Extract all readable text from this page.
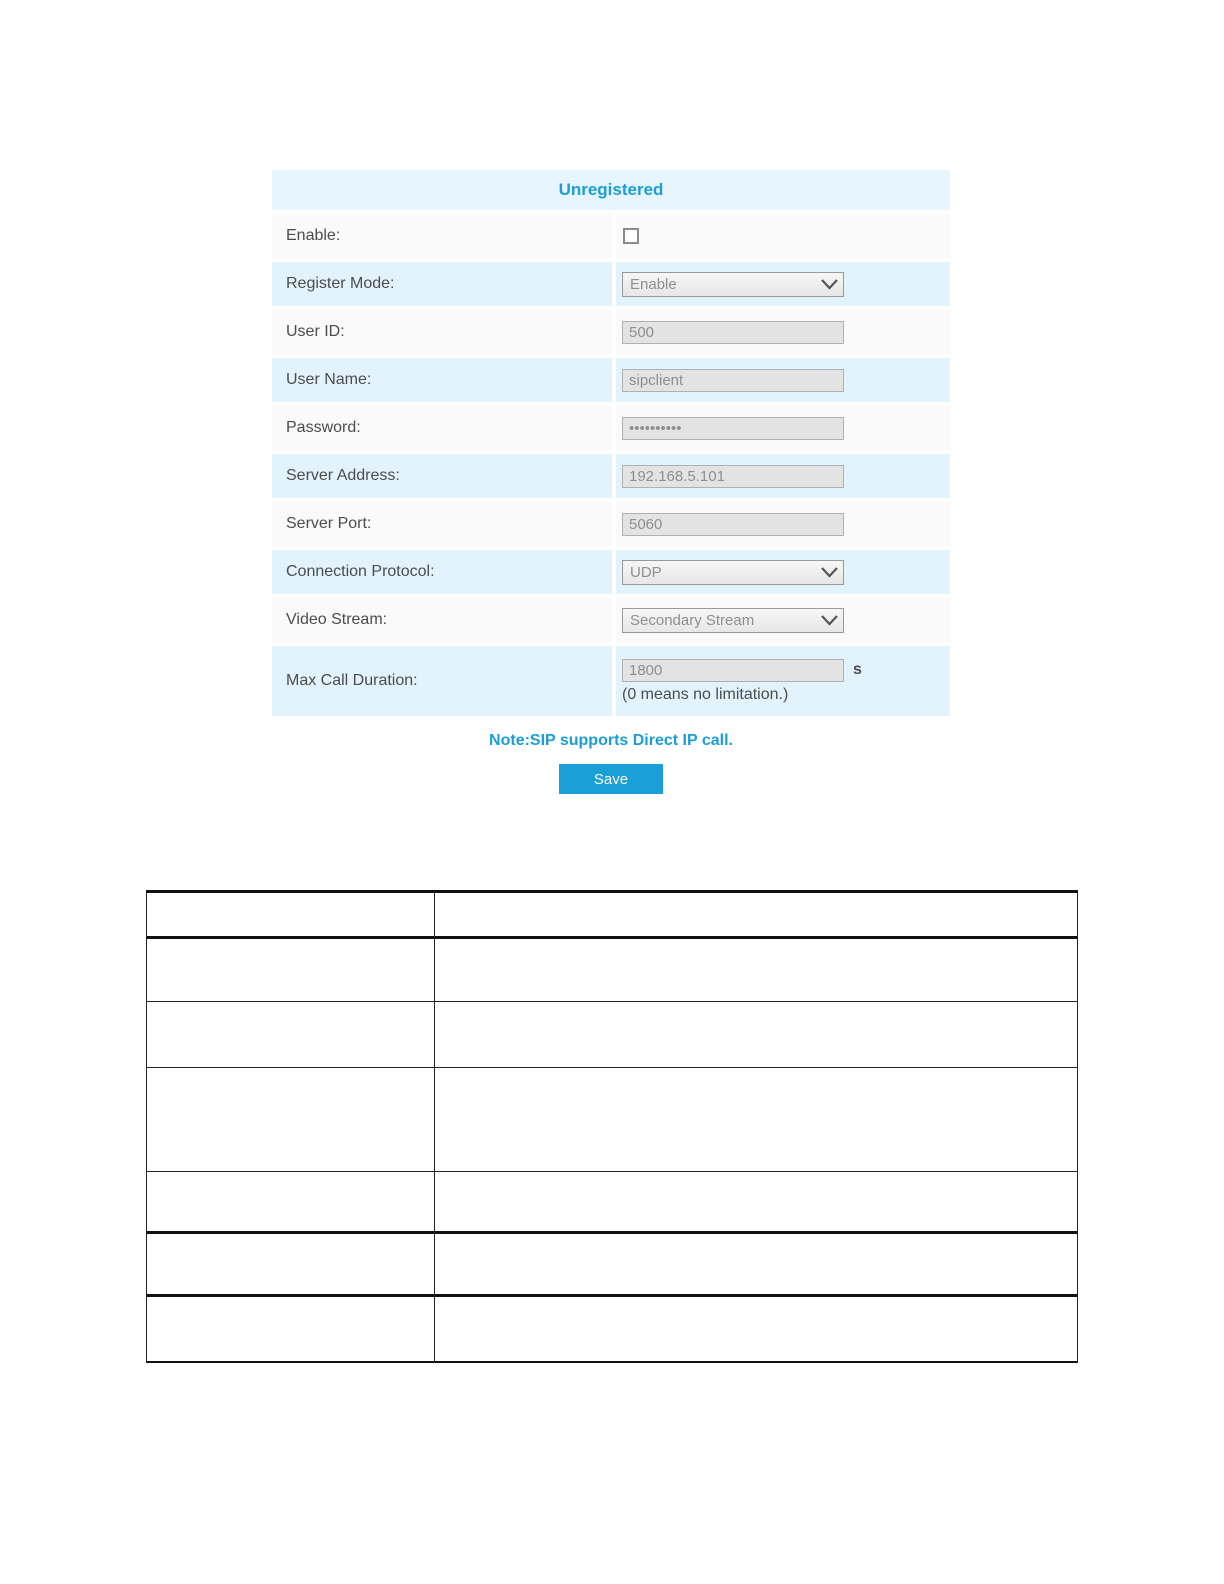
Unregistered
Enable:
Register Mode:	Enable
User ID:
500
User Name:
sipclient
Password:
••••••••••
Server Address:
192.168.5.101
Server Port:
5060
Connection Protocol:	UDP
Video Stream:	Secondary Stream
Max Call Duration:
1800
s
(0 means no limitation.)
Note:SIP supports Direct IP call.
Save
